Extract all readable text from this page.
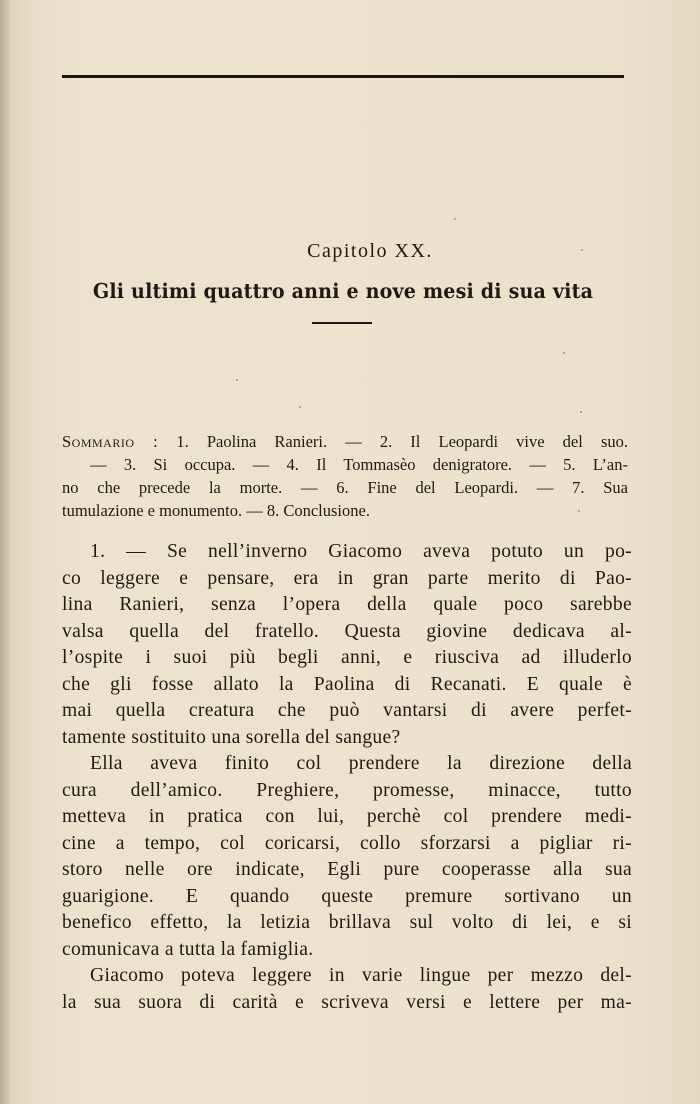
Capitolo XX.
Gli ultimi quattro anni e nove mesi di sua vita
Sommario : 1. Paolina Ranieri. — 2. Il Leopardi vive del suo.
— 3. Si occupa. — 4. Il Tommasèo denigratore. — 5. L’an-
no che precede la morte. — 6. Fine del Leopardi. — 7. Sua
tumulazione e monumento. — 8. Conclusione.
1. — Se nell’inverno Giacomo aveva potuto un po-
co leggere e pensare, era in gran parte merito di Pao-
lina Ranieri, senza l’opera della quale poco sarebbe
valsa quella del fratello. Questa giovine dedicava al-
l’ospite i suoi più begli anni, e riusciva ad illuderlo
che gli fosse allato la Paolina di Recanati. E quale è
mai quella creatura che può vantarsi di avere perfet-
tamente sostituito una sorella del sangue?
Ella aveva finito col prendere la direzione della
cura dell’amico. Preghiere, promesse, minacce, tutto
metteva in pratica con lui, perchè col prendere medi-
cine a tempo, col coricarsi, collo sforzarsi a pigliar ri-
storo nelle ore indicate, Egli pure cooperasse alla sua
guarigione. E quando queste premure sortivano un
benefico effetto, la letizia brillava sul volto di lei, e si
comunicava a tutta la famiglia.
Giacomo poteva leggere in varie lingue per mezzo del-
la sua suora di carità e scriveva versi e lettere per ma-
